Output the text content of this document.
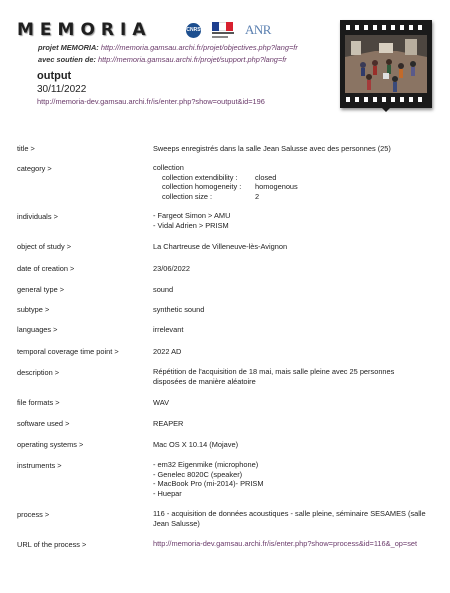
MEMORIA	CNRS	ANR
projet MEMORIA: http://memoria.gamsau.archi.fr/projet/objectives.php?lang=fr
avec soutien de: http://memoria.gamsau.archi.fr/projet/support.php?lang=fr
output
30/11/2022
http://memoria-dev.gamsau.archi.fr/is/enter.php?show=output&id=196
title >	Sweeps enregistrés dans la salle Jean Salusse avec des personnes (25)
category >	collection
collection extendibility : closed
collection homogeneity : homogenous
collection size :	2
individuals >	- Fargeot Simon > AMU
- Vidal Adrien > PRISM
object of study >	La Chartreuse de Villeneuve-lès-Avignon
date of creation >	23/06/2022
general type >	sound
subtype >	synthetic sound
languages >	irrelevant
temporal coverage time point >	2022 AD
description >	Répétition de l'acquisition de 18 mai, mais salle pleine avec 25 personnes disposées de manière aléatoire
file formats >	WAV
software used >	REAPER
operating systems >	Mac OS X 10.14 (Mojave)
instruments >	- em32 Eigenmike (microphone)
- Genelec 8020C (speaker)
- MacBook Pro (mi-2014)- PRISM
- Huepar
process >	116 - acquisition de données acoustiques - salle pleine, séminaire SESAMES (salle Jean Salusse)
URL of the process >	http://memoria-dev.gamsau.archi.fr/is/enter.php?show=process&id=116&_op=set
